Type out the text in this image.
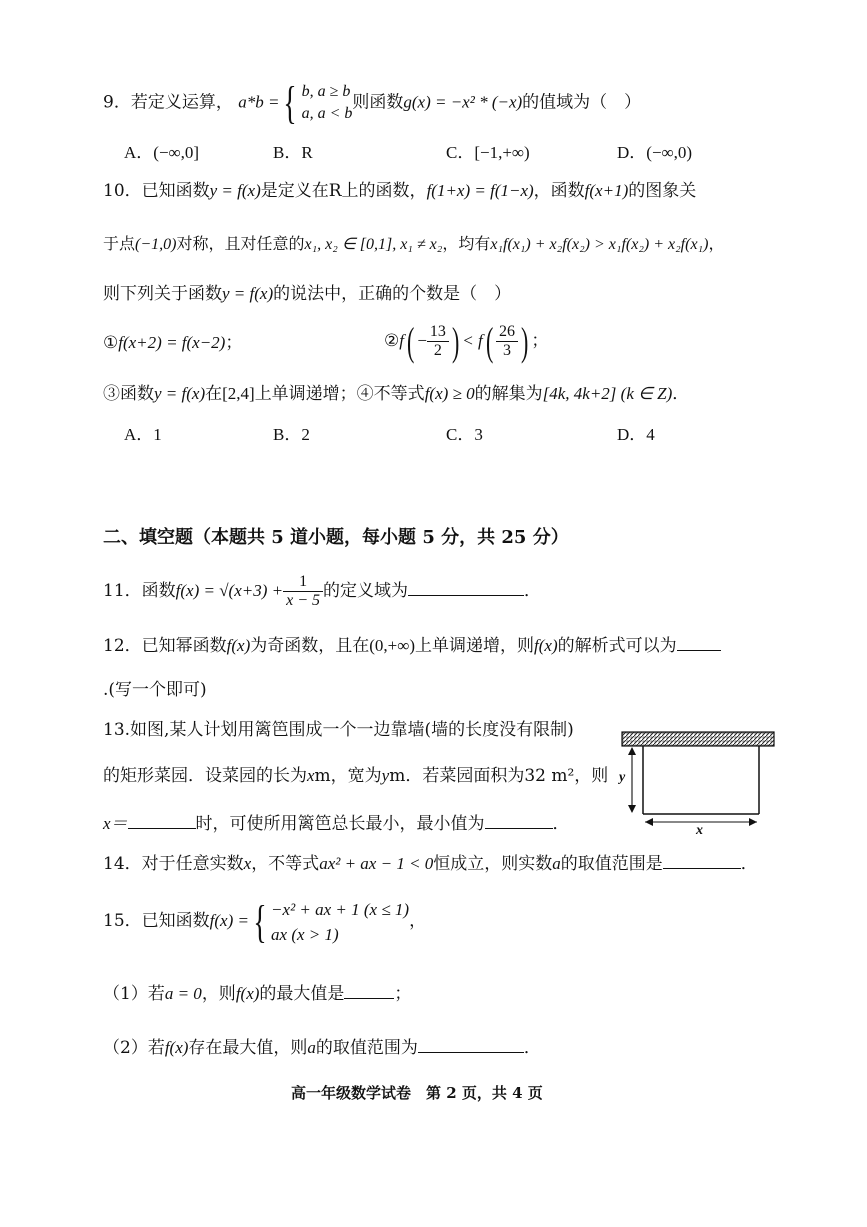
9．若定义运算， a*b ={ b, a ≥ b
a, a < b
则函数g(x) = −x² * (−x)的值域为（　）
A．(−∞,0]	B．R	C．[−1,+∞)	D．(−∞,0)
10．已知函数y = f(x)是定义在R上的函数，f(1+x) = f(1−x)，函数f(x+1)的图象关
于点(−1,0)对称，且对任意的x₁, x₂ ∈ [0,1], x₁ ≠ x₂，均有x₁f(x₁) + x₂f(x₂) > x₁f(x₂) + x₂f(x₁)，
则下列关于函数y = f(x)的说法中，正确的个数是（　）
①f(x+2) = f(x−2)；	②f( − $\frac{13}{2}$ ) < $f( \frac{26}{3}$ ) ；
③函数y = f(x)在[2,4]上单调递增；④不等式f(x) ≥ 0的解集为[4k, 4k+2] (k ∈ Z)．
A．1	B．2	C．3	D．4
二、填空题（本题共 5 道小题，每小题 5 分，共 25 分）
11．函数$f(x) = √(x+3) + \frac{1}{x - 5}$ 的定义域为	．
12．已知幂函数f(x)为奇函数，且在(0,+∞)上单调递增，则f(x)的解析式可以为
.(写一个即可)
13.如图,某人计划用篱笆围成一个一边靠墙(墙的长度没有限制)
的矩形菜园．设菜园的长为xm，宽为ym．若菜园面积为32 m²，则
x＝	时，可使所用篱笆总长最小，最小值为	．
y
x
14．对于任意实数x，不等式ax² + ax − 1 < 0恒成立，则实数a的取值范围是	．
15．已知函数f(x) ={ −x² + ax + 1 (x ≤ 1)
ax (x > 1)
，
（1）若a = 0，则f(x)的最大值是	；
（2）若f(x)存在最大值，则a的取值范围为	．
高一年级数学试卷　第 2 页，共 4 页
